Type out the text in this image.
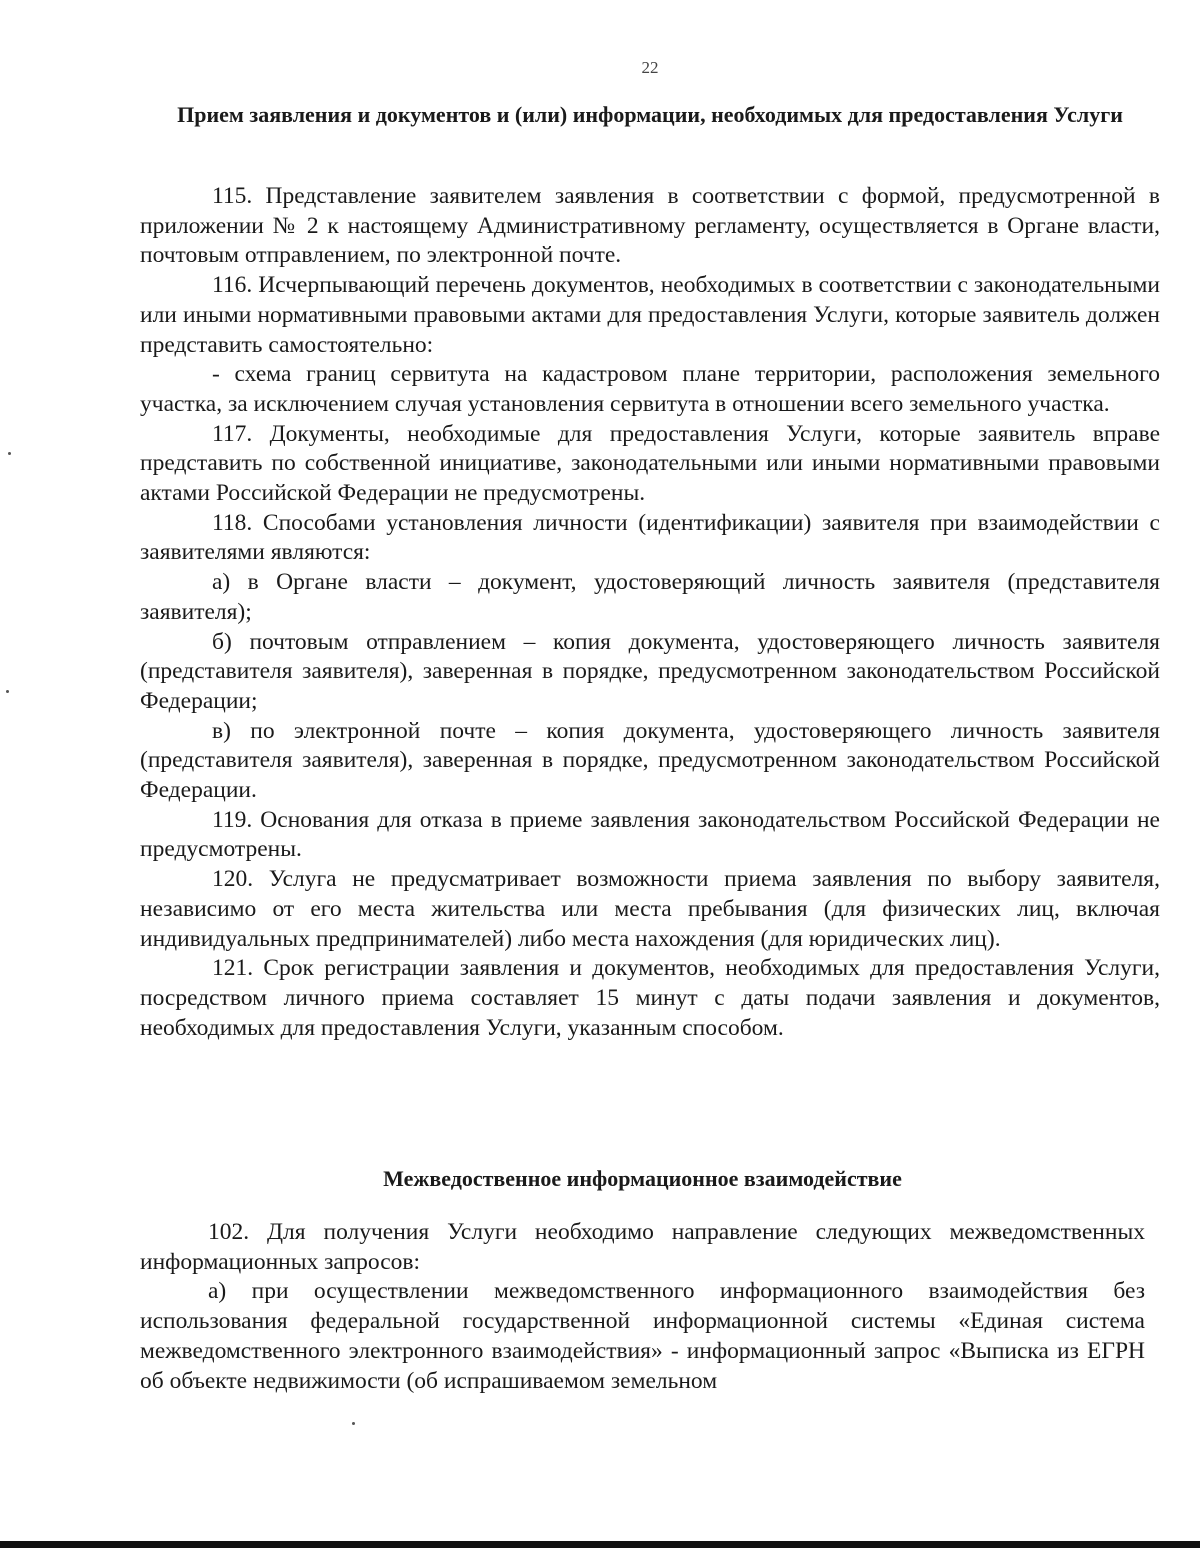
22
Прием заявления и документов и (или) информации, необходимых для предоставления Услуги

115. Представление заявителем заявления в соответствии с формой, предусмотренной в приложении № 2 к настоящему Административному регламенту, осуществляется в Органе власти, почтовым отправлением, по электронной почте.

116. Исчерпывающий перечень документов, необходимых в соответствии с законодательными или иными нормативными правовыми актами для предоставления Услуги, которые заявитель должен представить самостоятельно:

- схема границ сервитута на кадастровом плане территории, расположения земельного участка, за исключением случая установления сервитута в отношении всего земельного участка.

117. Документы, необходимые для предоставления Услуги, которые заявитель вправе представить по собственной инициативе, законодательными или иными нормативными правовыми актами Российской Федерации не предусмотрены.

118. Способами установления личности (идентификации) заявителя при взаимодействии с заявителями являются:

а) в Органе власти – документ, удостоверяющий личность заявителя (представителя заявителя);

б) почтовым отправлением – копия документа, удостоверяющего личность заявителя (представителя заявителя), заверенная в порядке, предусмотренном законодательством Российской Федерации;

в) по электронной почте – копия документа, удостоверяющего личность заявителя (представителя заявителя), заверенная в порядке, предусмотренном законодательством Российской Федерации.

119. Основания для отказа в приеме заявления законодательством Российской Федерации не предусмотрены.

120. Услуга не предусматривает возможности приема заявления по выбору заявителя, независимо от его места жительства или места пребывания (для физических лиц, включая индивидуальных предпринимателей) либо места нахождения (для юридических лиц).

121. Срок регистрации заявления и документов, необходимых для предоставления Услуги, посредством личного приема составляет 15 минут с даты подачи заявления и документов, необходимых для предоставления Услуги, указанным способом.

Межведоственное информационное взаимодействие

102. Для получения Услуги необходимо направление следующих межведомственных информационных запросов:

а) при осуществлении межведомственного информационного взаимодействия без использования федеральной государственной информационной системы «Единая система межведомственного электронного взаимодействия» - информационный запрос «Выписка из ЕГРН об объекте недвижимости (об испрашиваемом земельном
